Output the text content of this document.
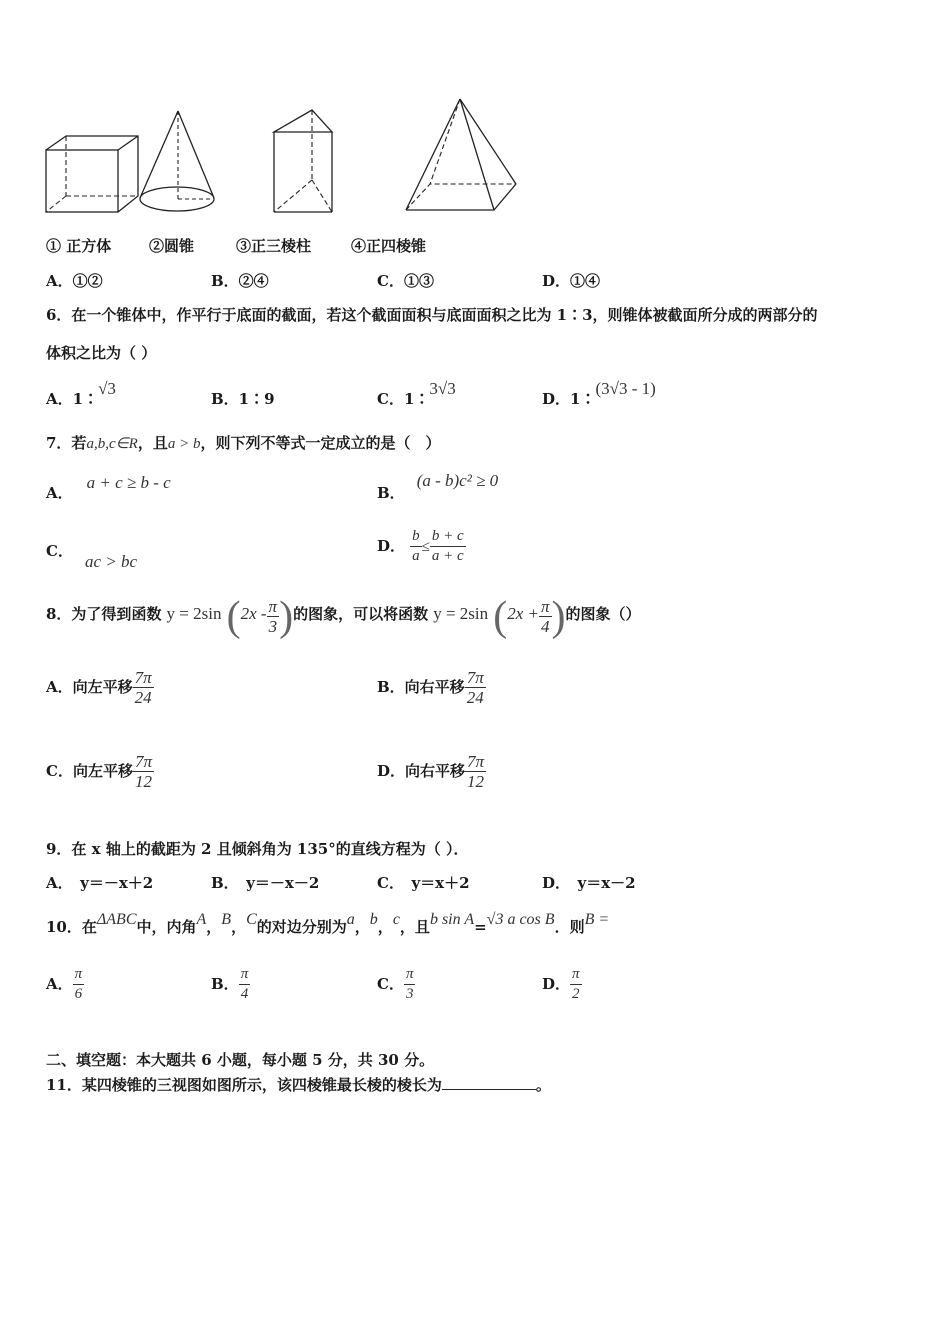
① 正方体	②圆锥	③正三棱柱	④正四棱锥
A．①②	B．②④	C．①③	D．①④
6．在一个锥体中，作平行于底面的截面，若这个截面面积与底面面积之比为 1∶3，则锥体被截面所分成的两部分的
体积之比为（ ）
A．1∶√3
B．1∶9	C．1∶3√3
D．1∶(3√3 - 1)
7．若a,b,c∈R，且a > b，则下列不等式一定成立的是（　）
A．a + c ≥ b - c
B．(a - b)c² ≥ 0
C．ac > bc
D． $\frac{b}{a} \le \frac{b + c}{a + c}$
8．为了得到函数 y = 2sin ($2x - \frac{\pi}{3}$ )的图象，可以将函数 y = 2sin ($2x + \frac{\pi}{4}$ )的图象（）
A．向左平移 $\frac{7\pi}{24}$	B．向右平移 $\frac{7\pi}{24}$
C．向左平移 $\frac{7\pi}{12}$	D．向右平移 $\frac{7\pi}{12}$
9．在 x 轴上的截距为 2 且倾斜角为 135°的直线方程为（ ）．
A．　y＝－x＋2	B．　y＝－x－2	C．　y＝x＋2	D．　y＝x－2
10．在ΔABC中，内角A，B，C的对边分别为a，b，c，且b sin A=√3 a cos B．则B =
A． $\frac{\pi}{6}$	B． $\frac{\pi}{4}$	C． $\frac{\pi}{3}$	D． $\frac{\pi}{2}$
二、填空题：本大题共 6 小题，每小题 5 分，共 30 分。
11．某四棱锥的三视图如图所示，该四棱锥最长棱的棱长为	。
